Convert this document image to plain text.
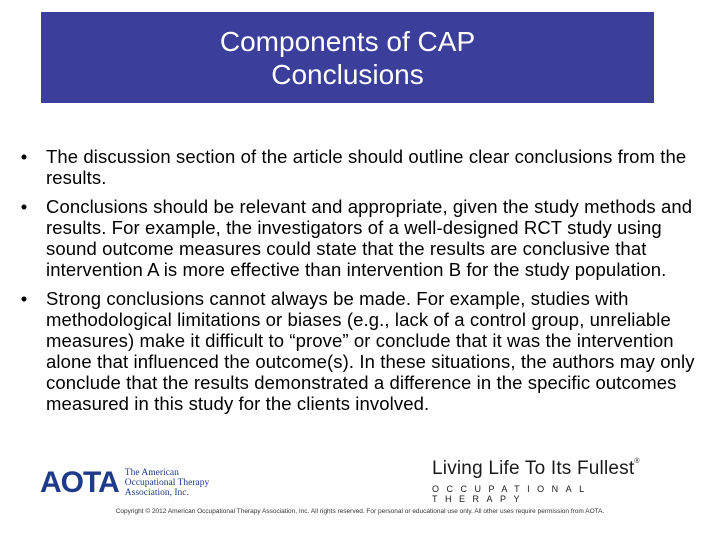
Components of CAP
Conclusions
•	The discussion section of the article should outline clear conclusions from the results.
•	Conclusions should be relevant and appropriate, given the study methods and results. For example, the investigators of a well-designed RCT study using sound outcome measures could state that the results are conclusive that intervention A is more effective than intervention B for the study population.
•	Strong conclusions cannot always be made. For example, studies with methodological limitations or biases (e.g., lack of a control group, unreliable measures) make it difficult to “prove” or conclude that it was the intervention alone that influenced the outcome(s). In these situations, the authors may only conclude that the results demonstrated a difference in the specific outcomes measured in this study for the clients involved.
AOTA The American
Occupational Therapy
Association, Inc.
Living Life To Its Fullest®
OCCUPATIONAL THERAPY
Copyright © 2012 American Occupational Therapy Association, Inc. All rights reserved. For personal or educational use only. All other uses require permission from AOTA.
